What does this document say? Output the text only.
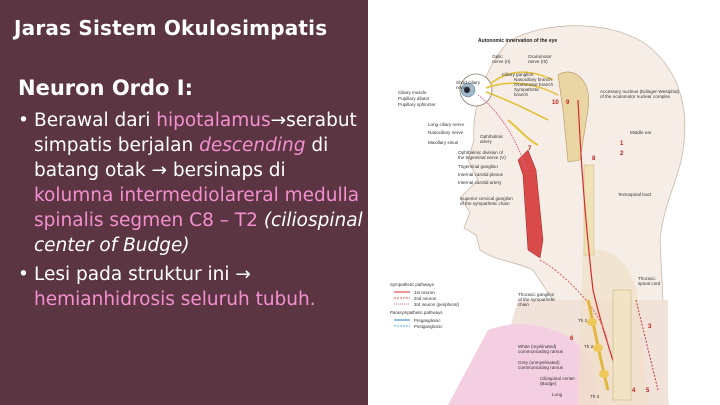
Jaras Sistem Okulosimpatis
Neuron Ordo I:
• Berawal dari hipotalamus→serabut simpatis berjalan descending di batang otak → bersinaps di kolumna intermediolareral medulla spinalis segmen C8 – T2 (ciliospinal center of Budge)
• Lesi pada struktur ini → hemianhidrosis seluruh tubuh.
Autonomic innervation of the eye
Optic
nerve (II)
Oculomotor
nerve (III)
Ciliary ganglion
Nasociliary branch
Oculomotor branch
Sympathetic
branch
Short ciliary
nerves
Ciliary muscle
Pupillary dilator
Pupillary sphincter
Accessory nucleus (Edinger-Westphal)
of the oculomotor nuclear complex
Long ciliary nerve
Nasociliary nerve
Maxillary sinus
Ophthalmic
artery
Ophthalmic division of
the trigeminal nerve (V)
Trigeminal ganglion
Internal carotid plexus
Internal carotid artery
Middle ear
Tectospinal tract
Superior cervical ganglion
of the sympathetic chain
Thoracic
spinal cord
Thoracic ganglion
of the sympathetic
chain
White (myelinated)
communicating ramus
Grey (unmyelinated)
communicating ramus
Ciliospinal center
(Budge)
Lung
Th 1
Th 2
Th 3
1
2
3
4 5
6
7
8
9
10
Sympathetic pathways
1st neuron
2nd neuron
3rd neuron (peripheral)
Parasympathetic pathways
Preganglionic
Postganglionic
